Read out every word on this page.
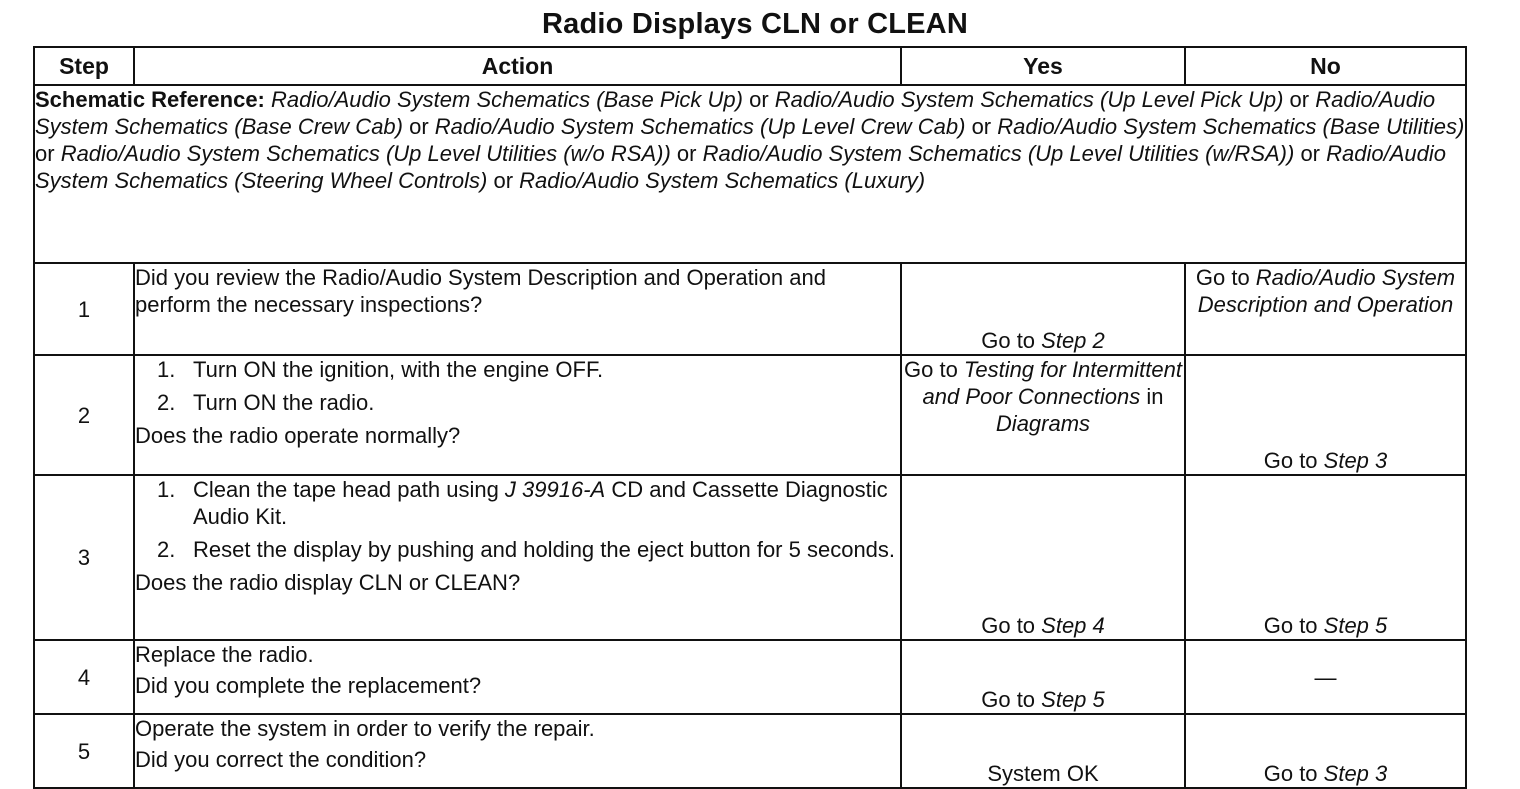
Radio Displays CLN or CLEAN
Step	Action	Yes	No
Schematic Reference: Radio/Audio System Schematics (Base Pick Up) or Radio/Audio System Schematics (Up Level Pick Up) or Radio/Audio System Schematics (Base Crew Cab) or Radio/Audio System Schematics (Up Level Crew Cab) or Radio/Audio System Schematics (Base Utilities) or Radio/Audio System Schematics (Up Level Utilities (w/o RSA)) or Radio/Audio System Schematics (Up Level Utilities (w/RSA)) or Radio/Audio System Schematics (Steering Wheel Controls) or Radio/Audio System Schematics (Luxury)			
1	Did you review the Radio/Audio System Description and Operation and perform the necessary inspections?	Go to Step 2	Go to Radio/Audio System Description and Operation
2	1. Turn ON the ignition, with the engine OFF.
2. Turn ON the radio.
Does the radio operate normally?	Go to Testing for Intermittent and Poor Connections in Diagrams	Go to Step 3
3	1. Clean the tape head path using J 39916-A CD and Cassette Diagnostic Audio Kit.
2. Reset the display by pushing and holding the eject button for 5 seconds.
Does the radio display CLN or CLEAN?	Go to Step 4	Go to Step 5
4	Replace the radio.
Did you complete the replacement?	Go to Step 5	—
5	Operate the system in order to verify the repair.
Did you correct the condition?	System OK	Go to Step 3
